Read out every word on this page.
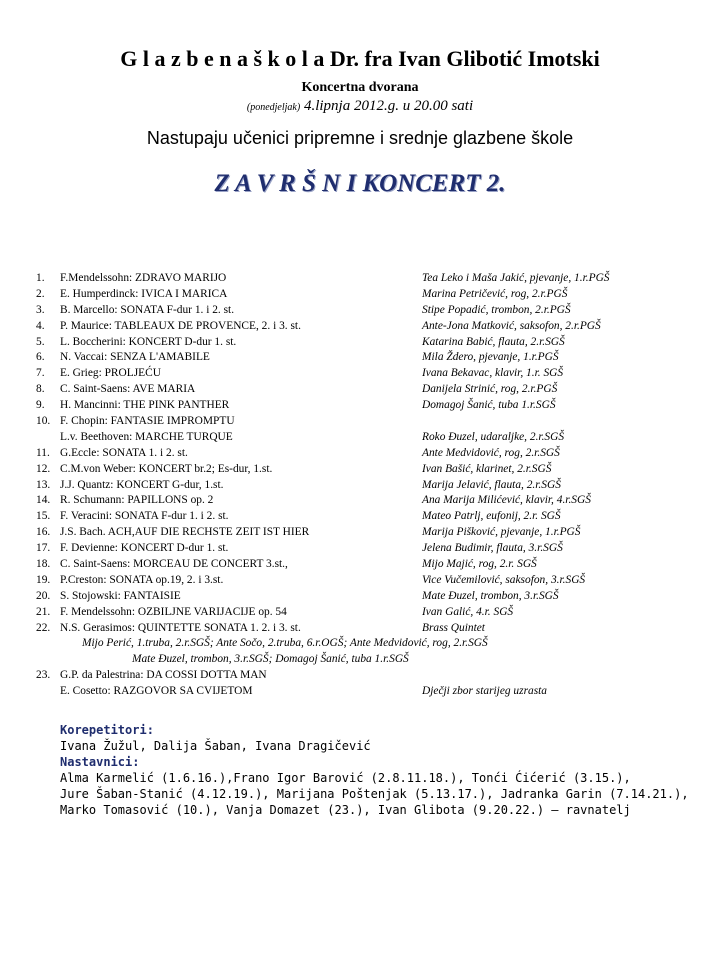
G l a z b e n a š k o l a Dr. fra Ivan Glibotić Imotski
Koncertna dvorana
(ponedjeljak) 4.lipnja 2012.g. u 20.00 sati
Nastupaju učenici pripremne i srednje glazbene škole
Z A V R Š N I KONCERT 2.
1.	F.Mendelssohn: ZDRAVO MARIJO	Tea Leko i Maša Jakić, pjevanje, 1.r.PGŠ
2.	E. Humperdinck: IVICA I MARICA	Marina Petričević, rog, 2.r.PGŠ
3.	B. Marcello: SONATA F-dur 1. i 2. st.	Stipe Popadić, trombon, 2.r.PGŠ
4.	P. Maurice: TABLEAUX DE PROVENCE, 2. i 3. st.	Ante-Jona Matković, saksofon, 2.r.PGŠ
5.	L. Boccherini: KONCERT D-dur 1. st.	Katarina Babić, flauta, 2.r.SGŠ
6.	N. Vaccai: SENZA L'AMABILE	Mila Ždero, pjevanje, 1.r.PGŠ
7.	E. Grieg: PROLJEĆU	Ivana Bekavac, klavir, 1.r. SGŠ
8.	C. Saint-Saens: AVE MARIA	Danijela Strinić, rog, 2.r.PGŠ
9.	H. Mancinni: THE PINK PANTHER	Domagoj Šanić, tuba 1.r.SGŠ
10. F. Chopin: FANTASIE IMPROMPTU
L.v. Beethoven: MARCHE TURQUE	Roko Đuzel, udaraljke, 2.r.SGŠ
11. G.Eccle: SONATA 1. i 2. st.	Ante Medvidović, rog, 2.r.SGŠ
12. C.M.von Weber: KONCERT br.2; Es-dur, 1.st.	Ivan Bašić, klarinet, 2.r.SGŠ
13. J.J. Quantz: KONCERT G-dur, 1.st.	Marija Jelavić, flauta, 2.r.SGŠ
14. R. Schumann: PAPILLONS op. 2	Ana Marija Milićević, klavir, 4.r.SGŠ
15. F. Veracini: SONATA F-dur 1. i 2. st.	Mateo Patrlj, eufonij, 2.r. SGŠ
16. J.S. Bach. ACH,AUF DIE RECHSTE ZEIT IST HIER	Marija Pišković, pjevanje, 1.r.PGŠ
17. F. Devienne: KONCERT D-dur 1. st.	Jelena Budimir, flauta, 3.r.SGŠ
18. C. Saint-Saens: MORCEAU DE CONCERT 3.st.,	Mijo Majić, rog, 2.r. SGŠ
19. P.Creston: SONATA op.19, 2. i 3.st.	Vice Vučemilović, saksofon, 3.r.SGŠ
20. S. Stojowski: FANTAISIE	Mate Đuzel, trombon, 3.r.SGŠ
21. F. Mendelssohn: OZBILJNE VARIJACIJE op. 54	Ivan Galić, 4.r. SGŠ
22. N.S. Gerasimos: QUINTETTE SONATA 1. 2. i 3. st.	Brass Quintet
Mijo Perić, 1.truba, 2.r.SGŠ; Ante Sočo, 2.truba, 6.r.OGŠ; Ante Medvidović, rog, 2.r.SGŠ
Mate Đuzel, trombon, 3.r.SGŠ; Domagoj Šanić, tuba 1.r.SGŠ
23. G.P. da Palestrina: DA COSSI DOTTA MAN
E. Cosetto: RAZGOVOR SA CVIJETOM	Dječji zbor starijeg uzrasta
Korepetitori:
Ivana Žužul, Dalija Šaban, Ivana Dragičević
Nastavnici:
Alma Karmelić (1.6.16.),Frano Igor Barović (2.8.11.18.), Tonći Ćićerić (3.15.),
Jure Šaban-Stanić (4.12.19.), Marijana Poštenjak (5.13.17.), Jadranka Garin (7.14.21.),
Marko Tomasović (10.), Vanja Domazet (23.), Ivan Glibota (9.20.22.) – ravnatelj
